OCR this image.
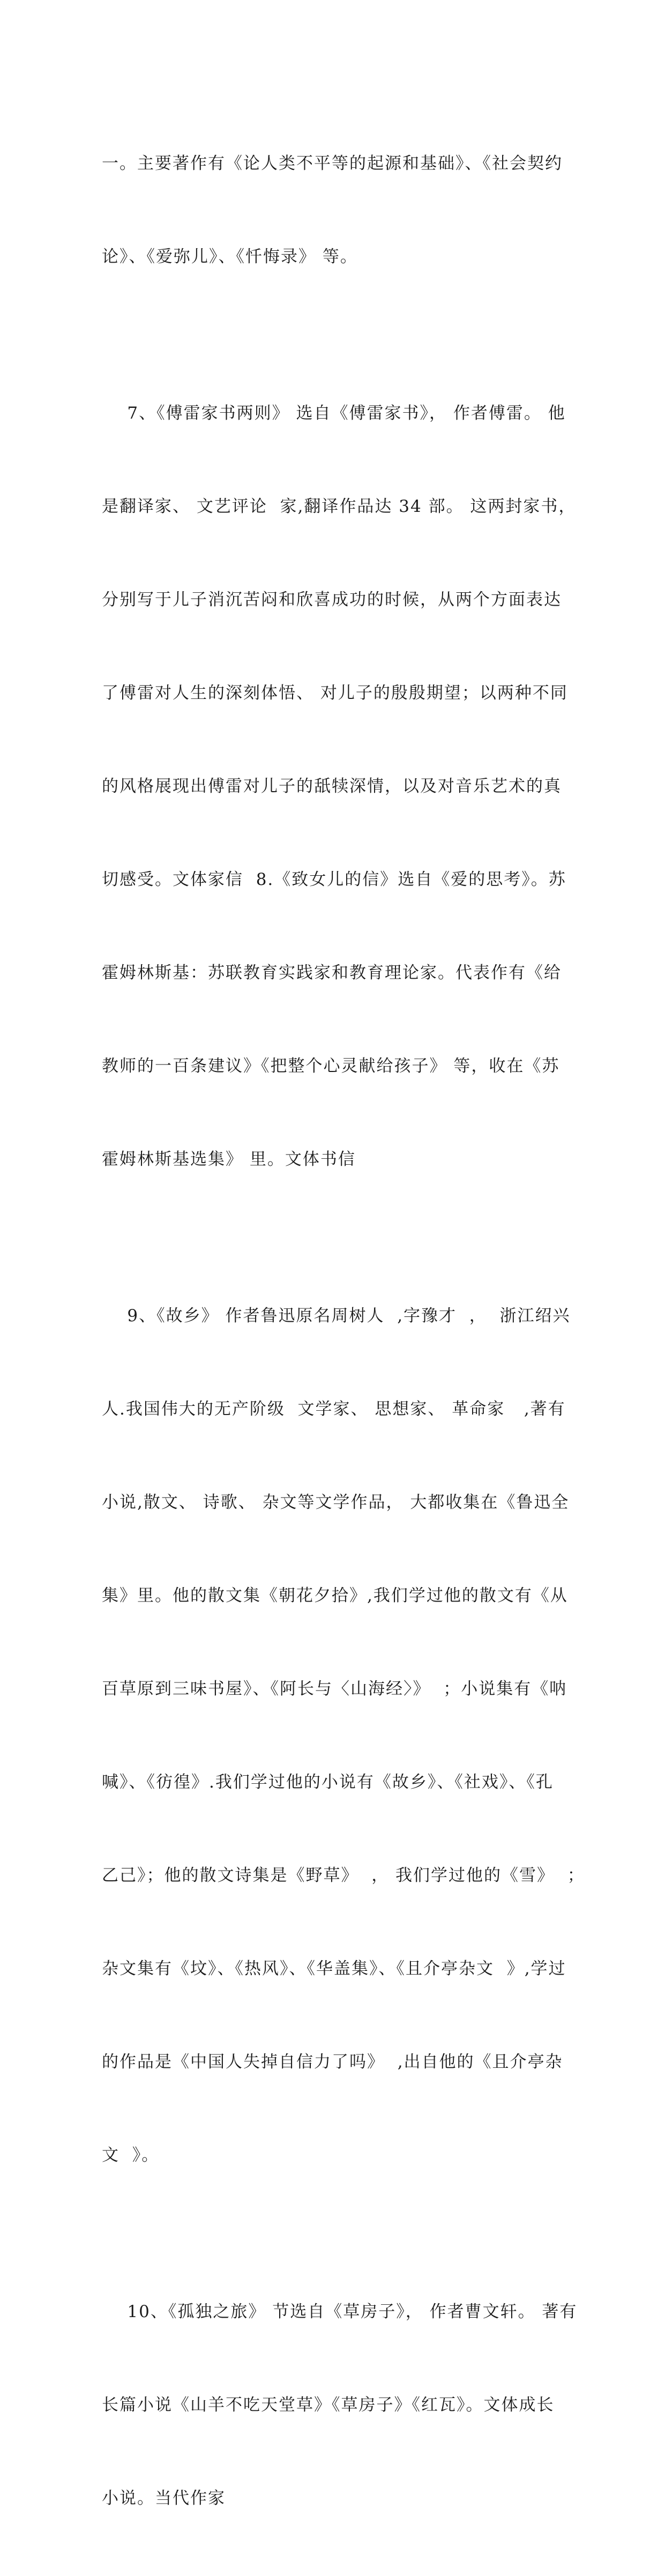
一。主要著作有《论人类不平等的起源和基础》、《社会契约

论》、《爱弥儿》、《忏悔录》 等。

7、《傅雷家书两则》 选自《傅雷家书》， 作者傅雷。 他

是翻译家、 文艺评论  家,翻译作品达 34 部。 这两封家书，

分别写于儿子消沉苦闷和欣喜成功的时候，从两个方面表达

了傅雷对人生的深刻体悟、 对儿子的殷殷期望；以两种不同

的风格展现出傅雷对儿子的舐犊深情，以及对音乐艺术的真

切感受。文体家信  8.《致女儿的信》选自《爱的思考》。苏

霍姆林斯基：苏联教育实践家和教育理论家。代表作有《给

教师的一百条建议》《把整个心灵献给孩子》 等，收在《苏

霍姆林斯基选集》 里。文体书信

9、《故乡》 作者鲁迅原名周树人  ,字豫才  ，  浙江绍兴

人.我国伟大的无产阶级  文学家、 思想家、 革命家   ,著有

小说,散文、 诗歌、 杂文等文学作品， 大都收集在《鲁迅全

集》里。他的散文集《朝花夕拾》,我们学过他的散文有《从

百草原到三味书屋》、《阿长与〈山海经〉》  ；小说集有《呐

喊》、《彷徨》.我们学过他的小说有《故乡》、《社戏》、《孔

乙己》；他的散文诗集是《野草》  ， 我们学过他的《雪》  ；

杂文集有《坟》、《热风》、《华盖集》、《且介亭杂文  》,学过

的作品是《中国人失掉自信力了吗》  ,出自他的《且介亭杂

文  》。

10、《孤独之旅》 节选自《草房子》， 作者曹文轩。 著有

长篇小说《山羊不吃天堂草》《草房子》《红瓦》。文体成长

小说。当代作家
